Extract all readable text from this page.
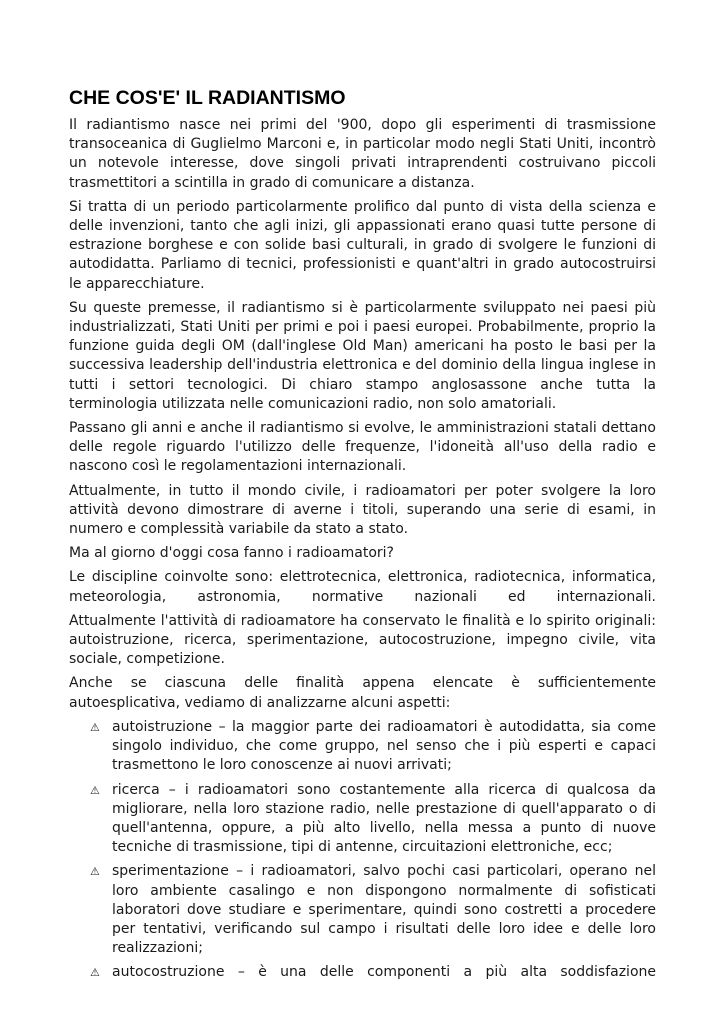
CHE COS'E' IL RADIANTISMO

Il radiantismo nasce nei primi del '900, dopo gli esperimenti di trasmissione transoceanica di Guglielmo Marconi e, in particolar modo negli Stati Uniti, incontrò un notevole interesse, dove singoli privati intraprendenti costruivano piccoli trasmettitori a scintilla in grado di comunicare a distanza.

Si tratta di un periodo particolarmente prolifico dal punto di vista della scienza e delle invenzioni, tanto che agli inizi, gli appassionati erano quasi tutte persone di estrazione borghese e con solide basi culturali, in grado di svolgere le funzioni di autodidatta. Parliamo di tecnici, professionisti e quant'altri in grado autocostruirsi le apparecchiature.

Su queste premesse, il radiantismo si è particolarmente sviluppato nei paesi più industrializzati, Stati Uniti per primi e poi i paesi europei. Probabilmente, proprio la funzione guida degli OM (dall'inglese Old Man) americani ha posto le basi per la successiva leadership dell'industria elettronica e del dominio della lingua inglese in tutti i settori tecnologici. Di chiaro stampo anglosassone anche tutta la terminologia utilizzata nelle comunicazioni radio, non solo amatoriali.

Passano gli anni e anche il radiantismo si evolve, le amministrazioni statali dettano delle regole riguardo l'utilizzo delle frequenze, l'idoneità all'uso della radio e nascono così le regolamentazioni internazionali.

Attualmente, in tutto il mondo civile, i radioamatori per poter svolgere la loro attività devono dimostrare di averne i titoli, superando una serie di esami, in numero e complessità variabile da stato a stato.

Ma al giorno d'oggi cosa fanno i radioamatori?

Le discipline coinvolte sono: elettrotecnica, elettronica, radiotecnica, informatica, meteorologia, astronomia, normative nazionali ed internazionali.

Attualmente l'attività di radioamatore ha conservato le finalità e lo spirito originali: autoistruzione, ricerca, sperimentazione, autocostruzione, impegno civile, vita sociale, competizione.

Anche se ciascuna delle finalità appena elencate è sufficientemente autoesplicativa, vediamo di analizzarne alcuni aspetti:

⚠ autoistruzione – la maggior parte dei radioamatori è autodidatta, sia come singolo individuo, che come gruppo, nel senso che i più esperti e capaci trasmettono le loro conoscenze ai nuovi arrivati;
⚠ ricerca – i radioamatori sono costantemente alla ricerca di qualcosa da migliorare, nella loro stazione radio, nelle prestazione di quell'apparato o di quell'antenna, oppure, a più alto livello, nella messa a punto di nuove tecniche di trasmissione, tipi di antenne, circuitazioni elettroniche, ecc;
⚠ sperimentazione – i radioamatori, salvo pochi casi particolari, operano nel loro ambiente casalingo e non dispongono normalmente di sofisticati laboratori dove studiare e sperimentare, quindi sono costretti a procedere per tentativi, verificando sul campo i risultati delle loro idee e delle loro realizzazioni;
⚠ autocostruzione – è una delle componenti a più alta soddisfazione
